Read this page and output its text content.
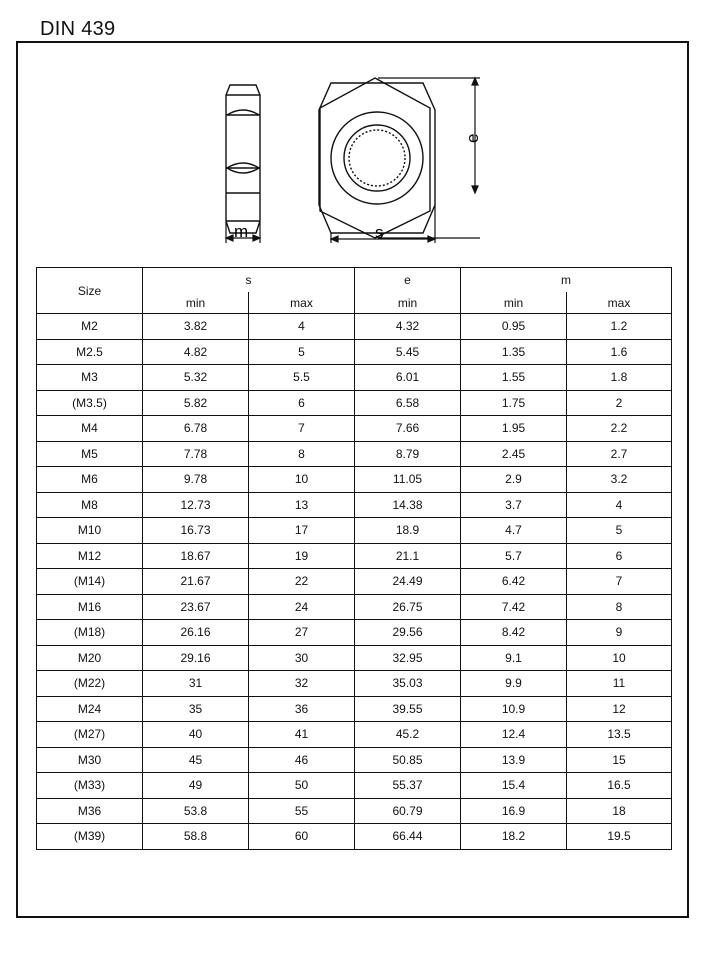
DIN 439
m	s
e
Size	s		e	m	
	min	max	min	min	max
M2	3.82	4	4.32	0.95	1.2
M2.5	4.82	5	5.45	1.35	1.6
M3	5.32	5.5	6.01	1.55	1.8
(M3.5)	5.82	6	6.58	1.75	2
M4	6.78	7	7.66	1.95	2.2
M5	7.78	8	8.79	2.45	2.7
M6	9.78	10	11.05	2.9	3.2
M8	12.73	13	14.38	3.7	4
M10	16.73	17	18.9	4.7	5
M12	18.67	19	21.1	5.7	6
(M14)	21.67	22	24.49	6.42	7
M16	23.67	24	26.75	7.42	8
(M18)	26.16	27	29.56	8.42	9
M20	29.16	30	32.95	9.1	10
(M22)	31	32	35.03	9.9	11
M24	35	36	39.55	10.9	12
(M27)	40	41	45.2	12.4	13.5
M30	45	46	50.85	13.9	15
(M33)	49	50	55.37	15.4	16.5
M36	53.8	55	60.79	16.9	18
(M39)	58.8	60	66.44	18.2	19.5
